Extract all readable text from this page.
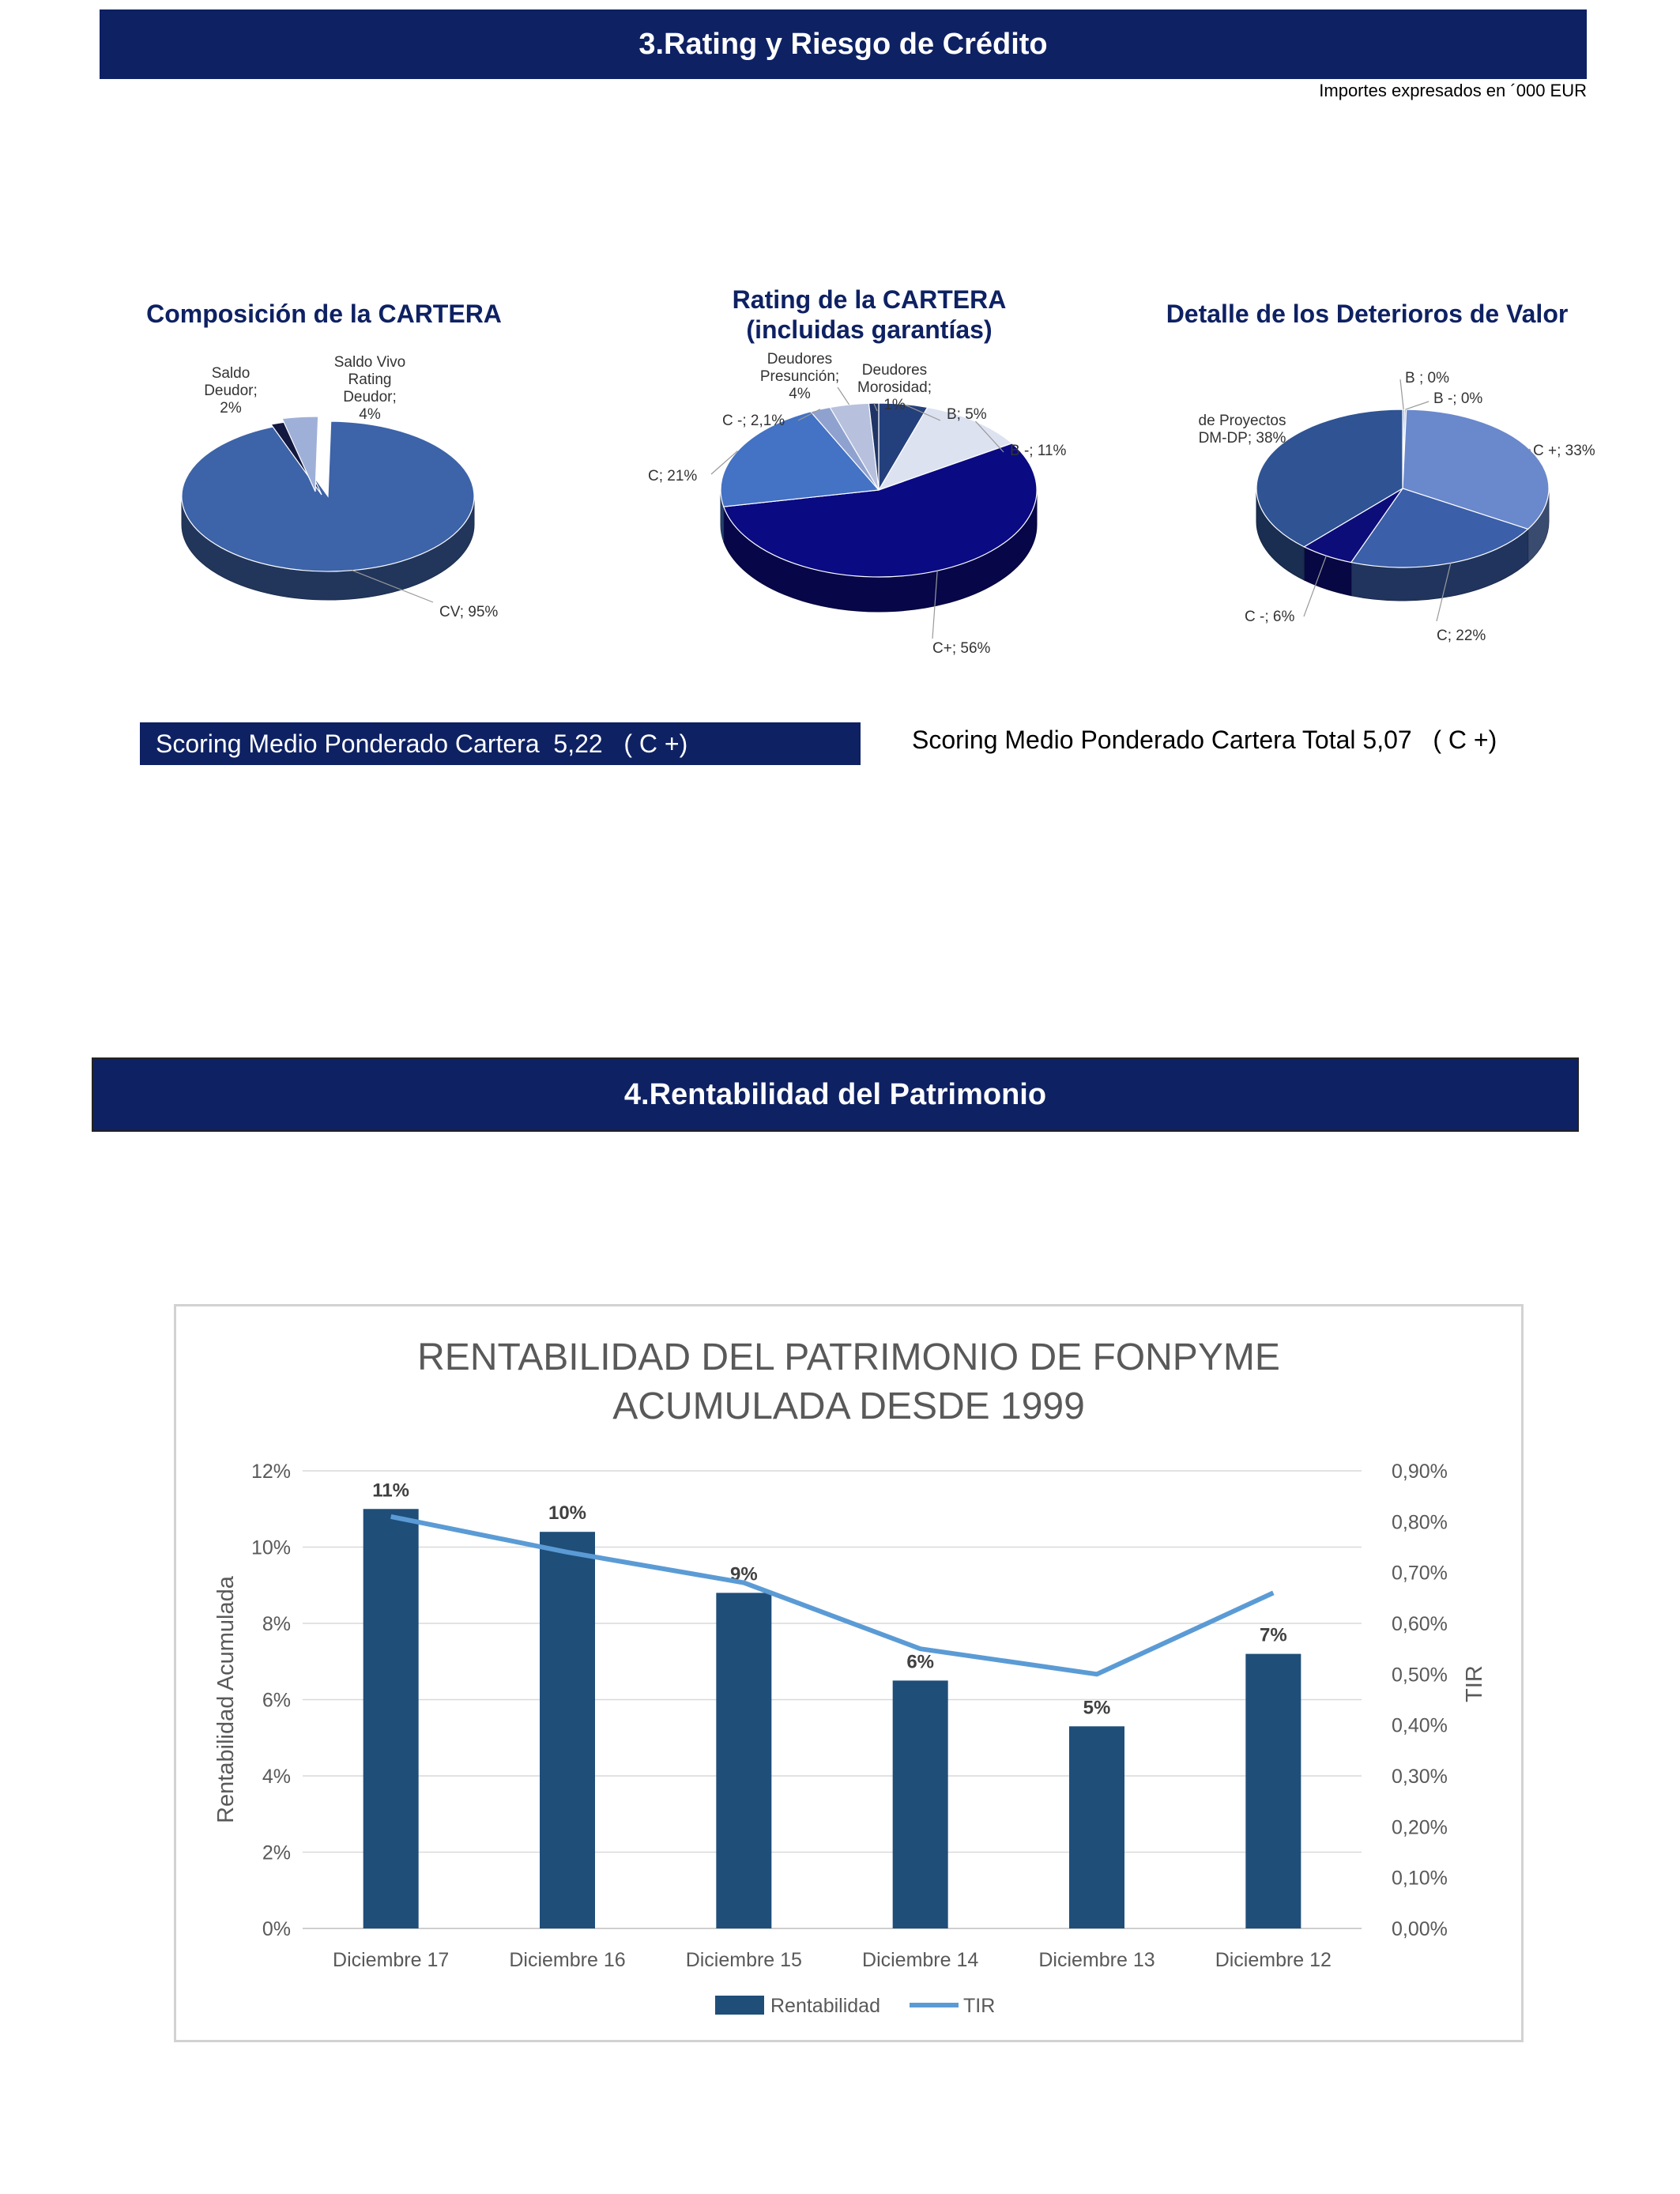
3.Rating y Riesgo de Crédito
Importes expresados en ´000 EUR
Composición de la CARTERA	Rating de la CARTERA
(incluidas garantías)
Detalle de los Deterioros de Valor
CV; 95%
Saldo Deudor; 2%
Saldo Vivo Rating Deudor; 4%	B; 5%
B -; 11%
C+; 56%
C; 21%
C -; 2,1%
Deudores Presunción; 4%
Deudores Morosidad; 1%
B ; 0%
B -; 0%
C +; 33%
C; 22%
C -; 6%
de Proyectos DM-DP; 38%
Scoring Medio Ponderado Cartera  5,22   ( C +)	Scoring Medio Ponderado Cartera Total 5,07   ( C +)
4.Rentabilidad del Patrimonio
RENTABILIDAD DEL PATRIMONIO DE FONPYME
ACUMULADA DESDE 1999
0%
2%
4%
6%
8%
10%
12%
0,00%
0,10%
0,20%
0,30%
0,40%
0,50%
0,60%
0,70%
0,80%
0,90%
Rentabilidad Acumulada	TIR
11%
Diciembre 17
10%
Diciembre 16
9%
Diciembre 15
6%
Diciembre 14
5%
Diciembre 13
7%
Diciembre 12
Rentabilidad	TIR
